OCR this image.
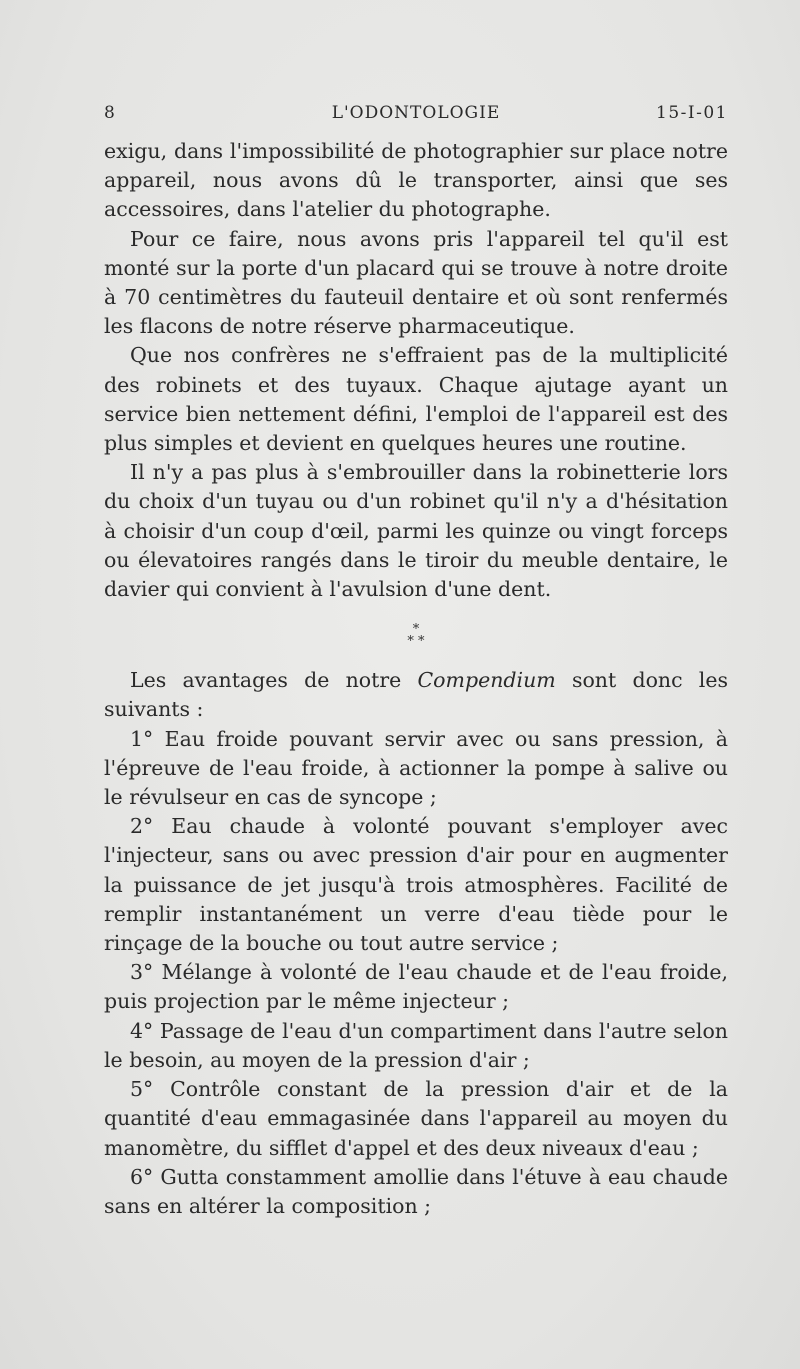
8	L'ODONTOLOGIE	15-I-01

exigu, dans l'impossibilité de photographier sur place notre appareil, nous avons dû le transporter, ainsi que ses accessoires, dans l'atelier du photographe.

Pour ce faire, nous avons pris l'appareil tel qu'il est monté sur la porte d'un placard qui se trouve à notre droite à 70 centimètres du fauteuil dentaire et où sont renfermés les flacons de notre réserve pharmaceutique.

Que nos confrères ne s'effraient pas de la multiplicité des robinets et des tuyaux. Chaque ajutage ayant un service bien nettement défini, l'emploi de l'appareil est des plus simples et devient en quelques heures une routine.

Il n'y a pas plus à s'embrouiller dans la robinetterie lors du choix d'un tuyau ou d'un robinet qu'il n'y a d'hésitation à choisir d'un coup d'œil, parmi les quinze ou vingt forceps ou élevatoires rangés dans le tiroir du meuble dentaire, le davier qui convient à l'avulsion d'une dent.

*
* *

Les avantages de notre Compendium sont donc les suivants :

1° Eau froide pouvant servir avec ou sans pression, à l'épreuve de l'eau froide, à actionner la pompe à salive ou le révulseur en cas de syncope ;

2° Eau chaude à volonté pouvant s'employer avec l'injecteur, sans ou avec pression d'air pour en augmenter la puissance de jet jusqu'à trois atmosphères. Facilité de remplir instantanément un verre d'eau tiède pour le rinçage de la bouche ou tout autre service ;

3° Mélange à volonté de l'eau chaude et de l'eau froide, puis projection par le même injecteur ;

4° Passage de l'eau d'un compartiment dans l'autre selon le besoin, au moyen de la pression d'air ;

5° Contrôle constant de la pression d'air et de la quantité d'eau emmagasinée dans l'appareil au moyen du manomètre, du sifflet d'appel et des deux niveaux d'eau ;

6° Gutta constamment amollie dans l'étuve à eau chaude sans en altérer la composition ;
